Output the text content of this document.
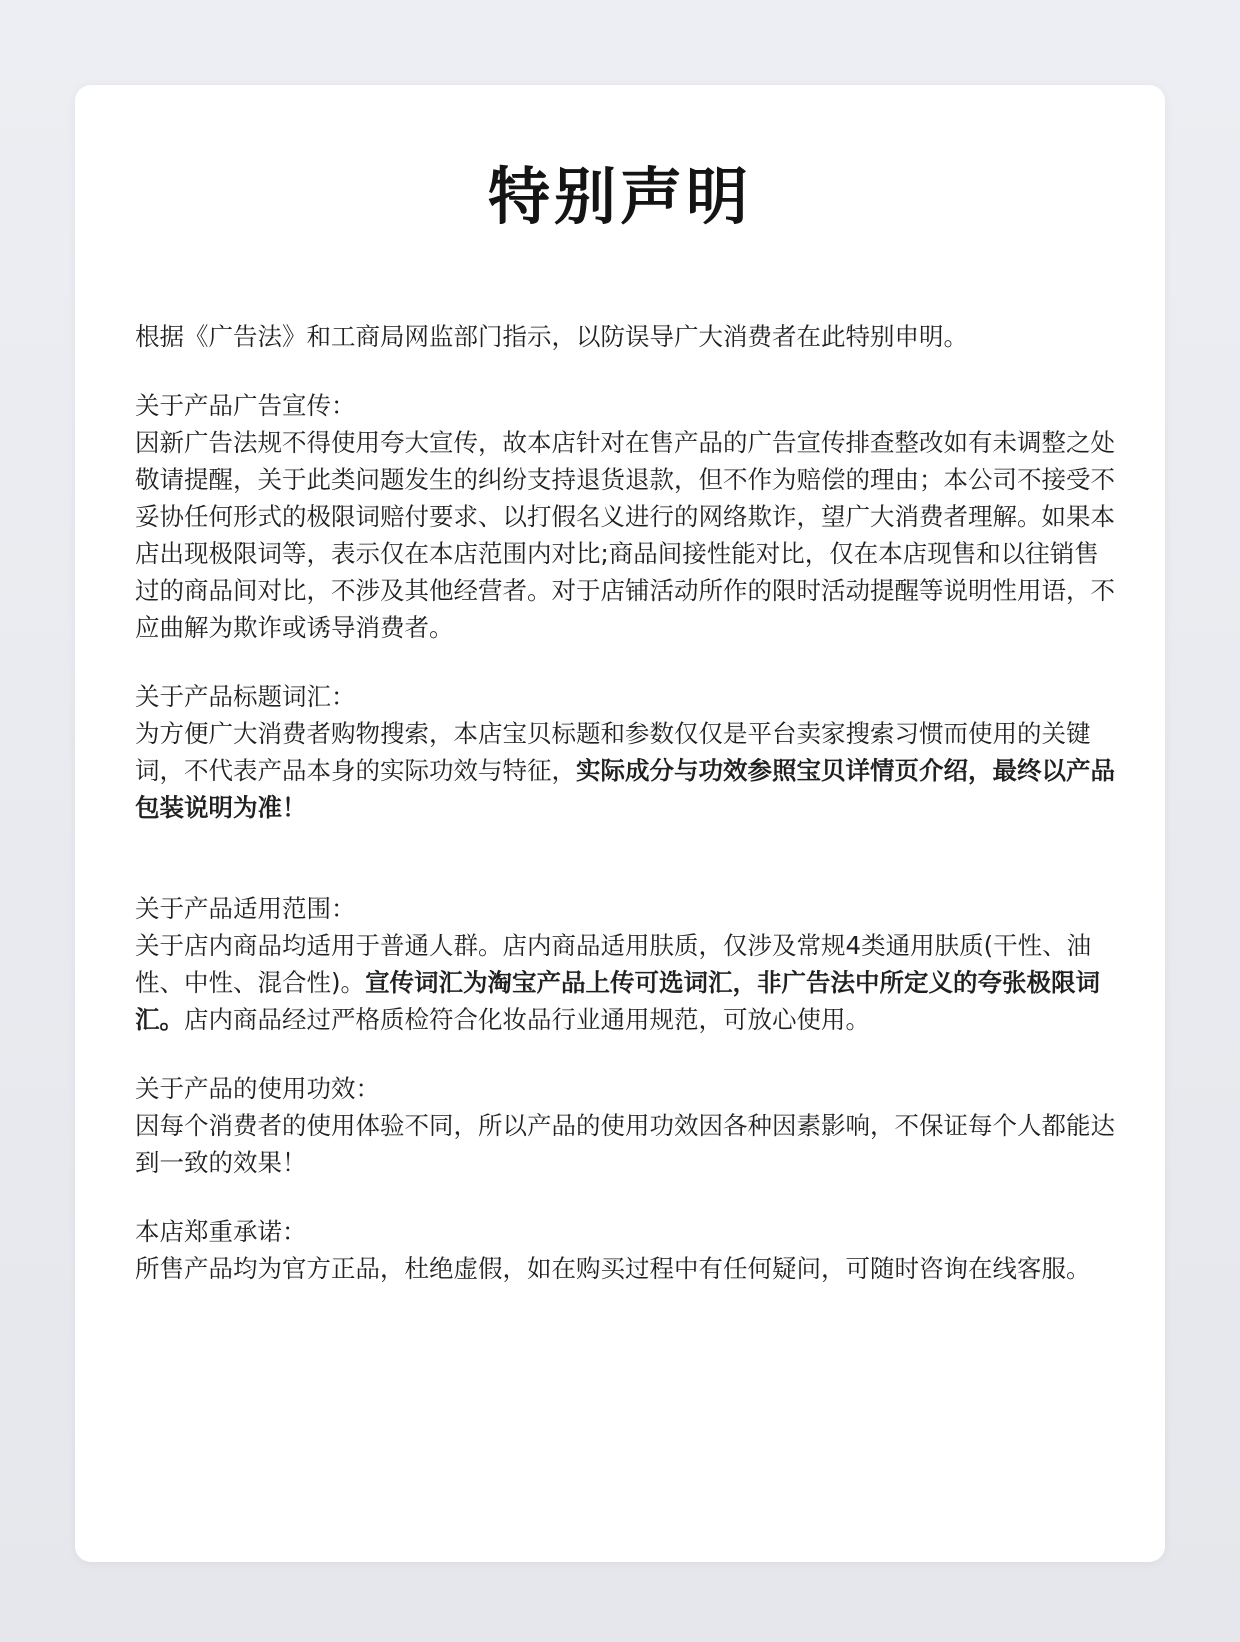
特别声明

根据《广告法》和工商局网监部门指示，以防误导广大消费者在此特别申明。

关于产品广告宣传：
因新广告法规不得使用夸大宣传，故本店针对在售产品的广告宣传排查整改如有未调整之处敬请提醒，关于此类问题发生的纠纷支持退货退款，但不作为赔偿的理由；本公司不接受不妥协任何形式的极限词赔付要求、以打假名义进行的网络欺诈，望广大消费者理解。如果本店出现极限词等，表示仅在本店范围内对比;商品间接性能对比，仅在本店现售和以往销售过的商品间对比，不涉及其他经营者。对于店铺活动所作的限时活动提醒等说明性用语，不应曲解为欺诈或诱导消费者。
关于产品标题词汇：
为方便广大消费者购物搜索，本店宝贝标题和参数仅仅是平台卖家搜索习惯而使用的关键词，不代表产品本身的实际功效与特征，实际成分与功效参照宝贝详情页介绍，最终以产品包装说明为准！
关于产品适用范围：
关于店内商品均适用于普通人群。店内商品适用肤质，仅涉及常规4类通用肤质(干性、油性、中性、混合性)。宣传词汇为淘宝产品上传可选词汇，非广告法中所定义的夸张极限词汇。店内商品经过严格质检符合化妆品行业通用规范，可放心使用。
关于产品的使用功效：
因每个消费者的使用体验不同，所以产品的使用功效因各种因素影响，不保证每个人都能达到一致的效果！
本店郑重承诺：
所售产品均为官方正品，杜绝虚假，如在购买过程中有任何疑问，可随时咨询在线客服。
